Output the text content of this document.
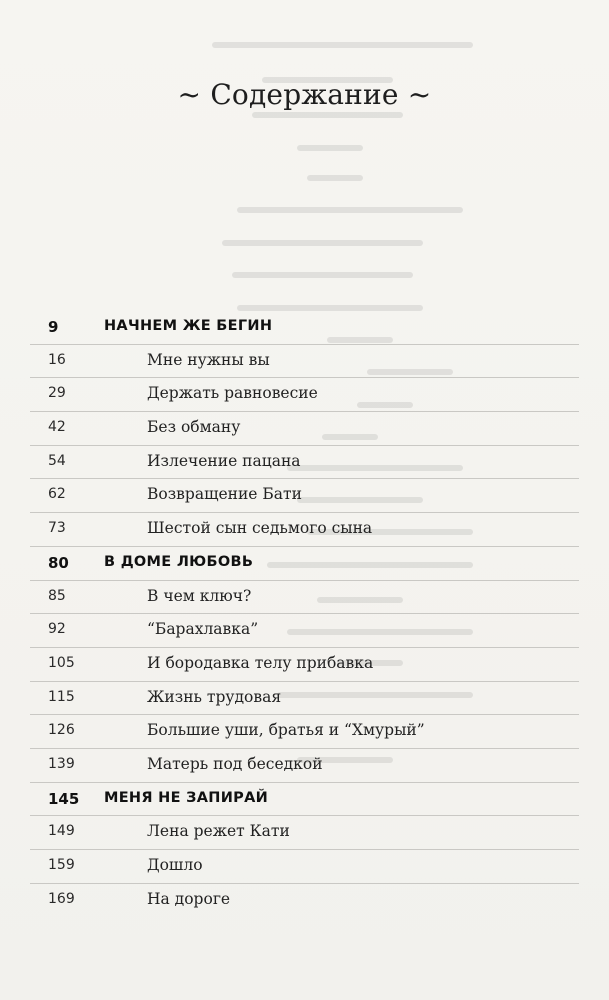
~ Содержание ~
9	НАЧНЕМ ЖЕ БЕГИН
16	Мне нужны вы
29	Держать равновесие
42	Без обману
54	Излечение пацана
62	Возвращение Бати
73	Шестой сын седьмого сына
80 В ДОМЕ ЛЮБОВЬ
85	В чем ключ?
92	“Барахлавка”
105	И бородавка телу прибавка
115	Жизнь трудовая
126	Большие уши, братья и “Хмурый”
139	Матерь под беседкой
145 МЕНЯ НЕ ЗАПИРАЙ
149	Лена режет Кати
159	Дошло
169	На дороге
